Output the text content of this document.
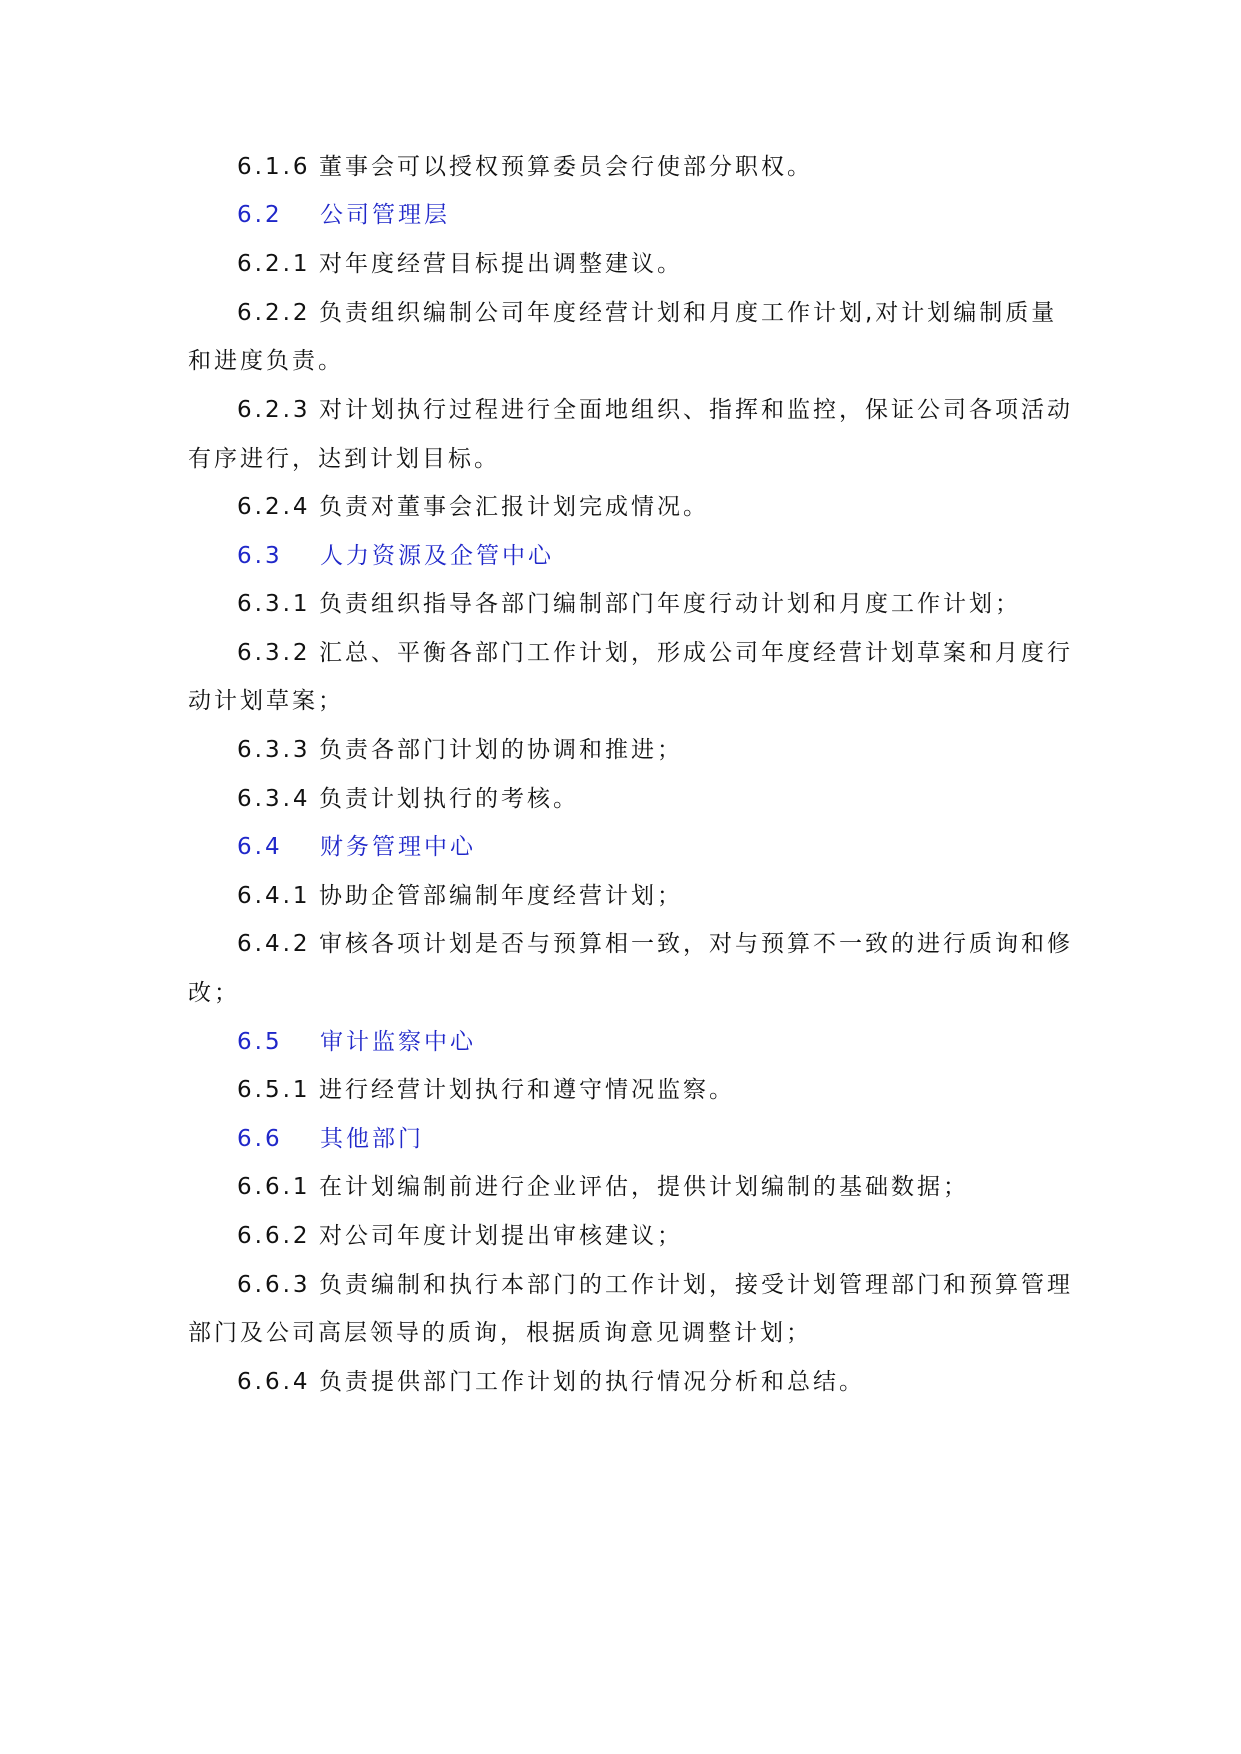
6.1.6 董事会可以授权预算委员会行使部分职权。
6.2 公司管理层
6.2.1 对年度经营目标提出调整建议。
6.2.2 负责组织编制公司年度经营计划和月度工作计划,对计划编制质量
和进度负责。
6.2.3 对计划执行过程进行全面地组织、指挥和监控，保证公司各项活动
有序进行，达到计划目标。
6.2.4 负责对董事会汇报计划完成情况。
6.3 人力资源及企管中心
6.3.1 负责组织指导各部门编制部门年度行动计划和月度工作计划；
6.3.2 汇总、平衡各部门工作计划，形成公司年度经营计划草案和月度行
动计划草案；
6.3.3 负责各部门计划的协调和推进；
6.3.4 负责计划执行的考核。
6.4 财务管理中心
6.4.1 协助企管部编制年度经营计划；
6.4.2 审核各项计划是否与预算相一致，对与预算不一致的进行质询和修
改；
6.5 审计监察中心
6.5.1 进行经营计划执行和遵守情况监察。
6.6 其他部门
6.6.1 在计划编制前进行企业评估，提供计划编制的基础数据；
6.6.2 对公司年度计划提出审核建议；
6.6.3 负责编制和执行本部门的工作计划，接受计划管理部门和预算管理
部门及公司高层领导的质询，根据质询意见调整计划；
6.6.4 负责提供部门工作计划的执行情况分析和总结。
